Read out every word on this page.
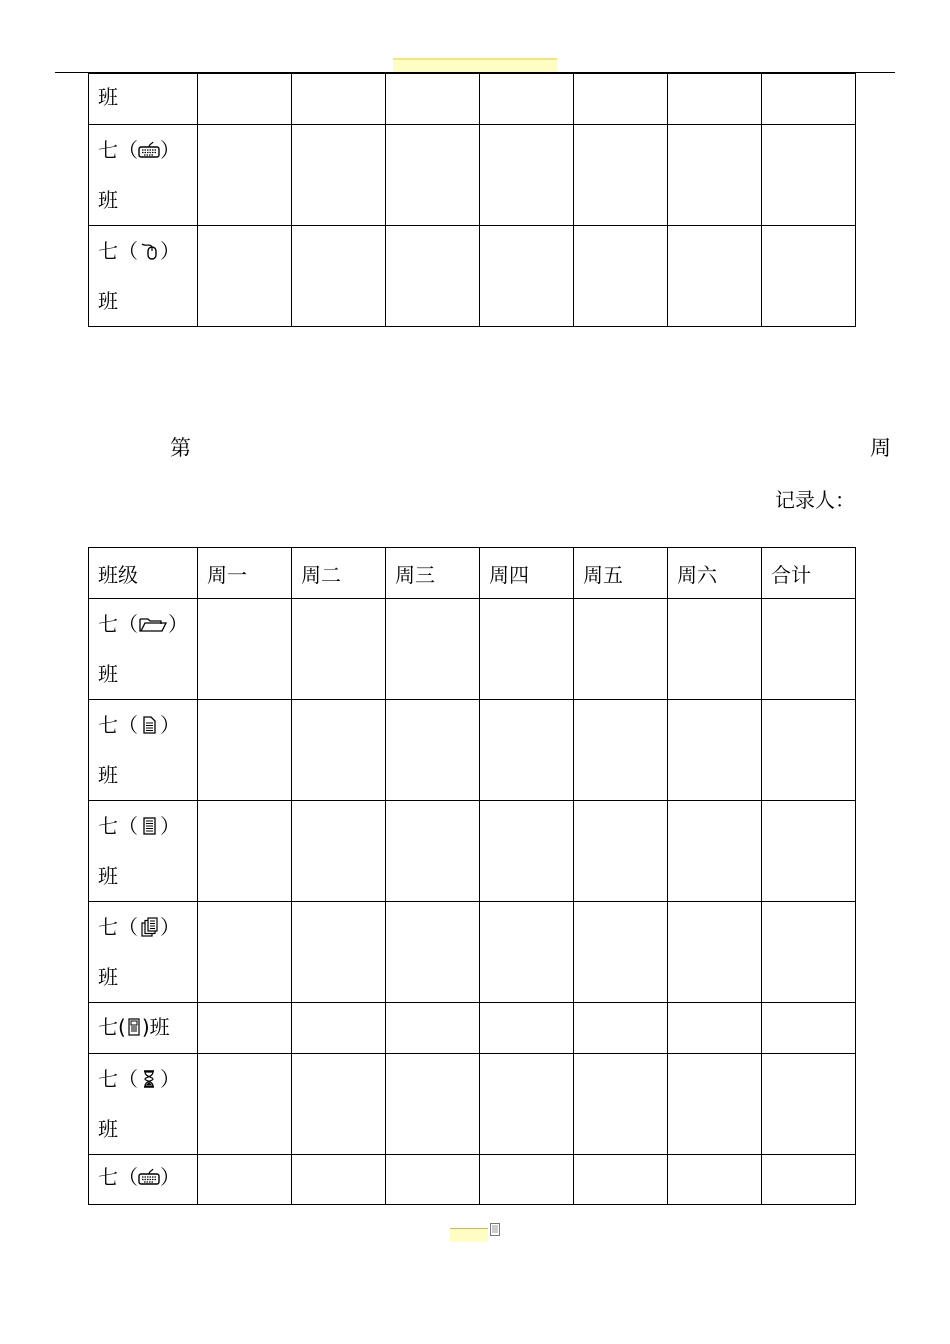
班							

七（ ）
班							

七（ ）
班							

第	周
记录人：
班级	周一	周二	周三	周四	周五	周六	合计

七（ ）
班							

七（ ）
班							

七（ ）
班							

七（ ）
班							

七( )班							

七（ ）
班							

七（ ）							
